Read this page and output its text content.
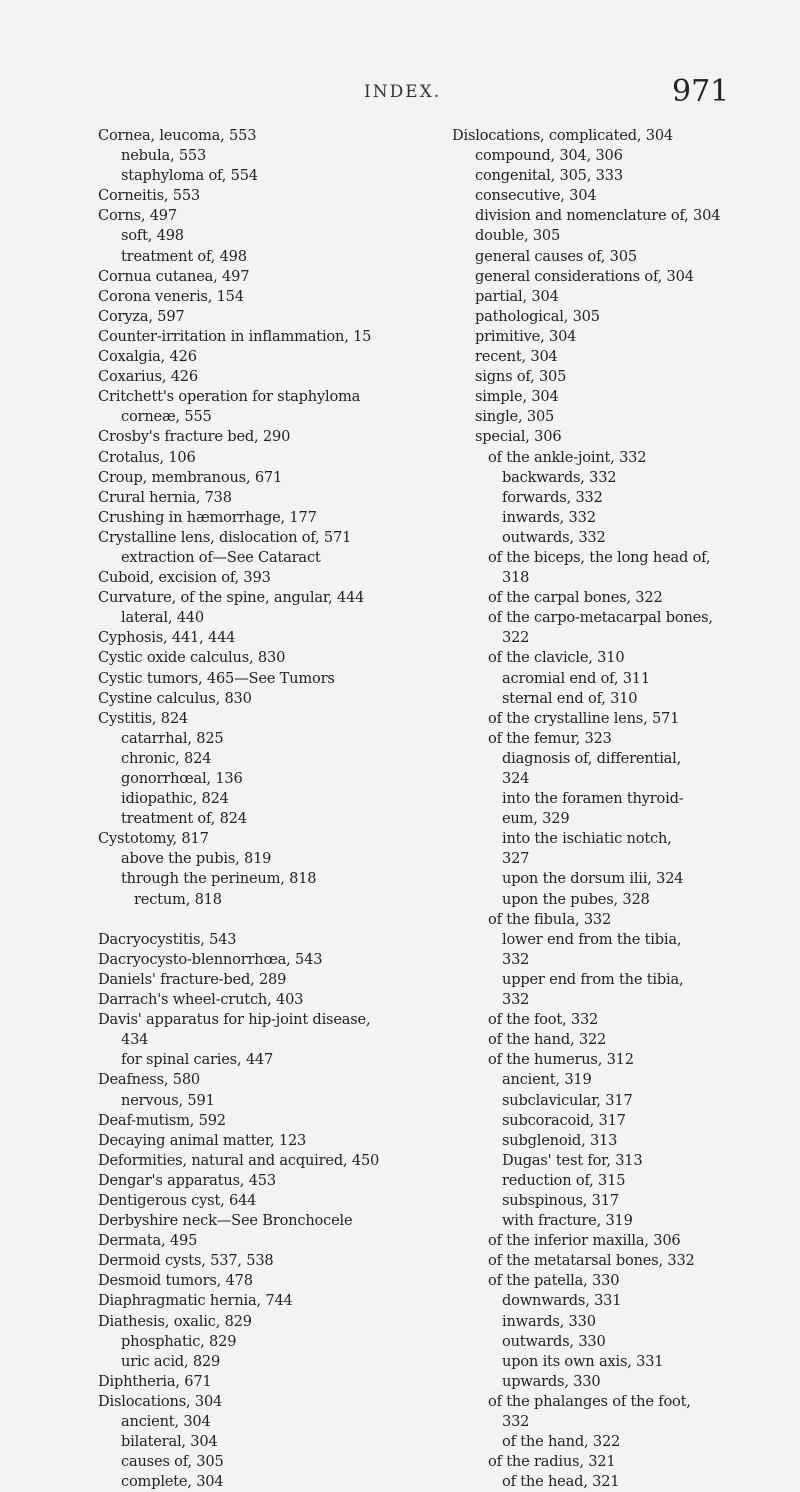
INDEX.	971
Cornea, leucoma, 553
nebula, 553
staphyloma of, 554
Corneitis, 553
Corns, 497
soft, 498
treatment of, 498
Cornua cutanea, 497
Corona veneris, 154
Coryza, 597
Counter-irritation in inflammation, 15
Coxalgia, 426
Coxarius, 426
Critchett's operation for staphyloma
corneæ, 555
Crosby's fracture bed, 290
Crotalus, 106
Croup, membranous, 671
Crural hernia, 738
Crushing in hæmorrhage, 177
Crystalline lens, dislocation of, 571
extraction of—See Cataract
Cuboid, excision of, 393
Curvature, of the spine, angular, 444
lateral, 440
Cyphosis, 441, 444
Cystic oxide calculus, 830
Cystic tumors, 465—See Tumors
Cystine calculus, 830
Cystitis, 824
catarrhal, 825
chronic, 824
gonorrhœal, 136
idiopathic, 824
treatment of, 824
Cystotomy, 817
above the pubis, 819
through the perineum, 818
rectum, 818
Dacryocystitis, 543
Dacryocysto-blennorrhœa, 543
Daniels' fracture-bed, 289
Darrach's wheel-crutch, 403
Davis' apparatus for hip-joint disease,
434
for spinal caries, 447
Deafness, 580
nervous, 591
Deaf-mutism, 592
Decaying animal matter, 123
Deformities, natural and acquired, 450
Dengar's apparatus, 453
Dentigerous cyst, 644
Derbyshire neck—See Bronchocele
Dermata, 495
Dermoid cysts, 537, 538
Desmoid tumors, 478
Diaphragmatic hernia, 744
Diathesis, oxalic, 829
phosphatic, 829
uric acid, 829
Diphtheria, 671
Dislocations, 304
ancient, 304
bilateral, 304
causes of, 305
complete, 304
Dislocations, complicated, 304
compound, 304, 306
congenital, 305, 333
consecutive, 304
division and nomenclature of, 304
double, 305
general causes of, 305
general considerations of, 304
partial, 304
pathological, 305
primitive, 304
recent, 304
signs of, 305
simple, 304
single, 305
special, 306
of the ankle-joint, 332
backwards, 332
forwards, 332
inwards, 332
outwards, 332
of the biceps, the long head of,
318
of the carpal bones, 322
of the carpo-metacarpal bones,
322
of the clavicle, 310
acromial end of, 311
sternal end of, 310
of the crystalline lens, 571
of the femur, 323
diagnosis of, differential,
324
into the foramen thyroid-
eum, 329
into the ischiatic notch,
327
upon the dorsum ilii, 324
upon the pubes, 328
of the fibula, 332
lower end from the tibia,
332
upper end from the tibia,
332
of the foot, 332
of the hand, 322
of the humerus, 312
ancient, 319
subclavicular, 317
subcoracoid, 317
subglenoid, 313
Dugas' test for, 313
reduction of, 315
subspinous, 317
with fracture, 319
of the inferior maxilla, 306
of the metatarsal bones, 332
of the patella, 330
downwards, 331
inwards, 330
outwards, 330
upon its own axis, 331
upwards, 330
of the phalanges of the foot,
332
of the hand, 322
of the radius, 321
of the head, 321
